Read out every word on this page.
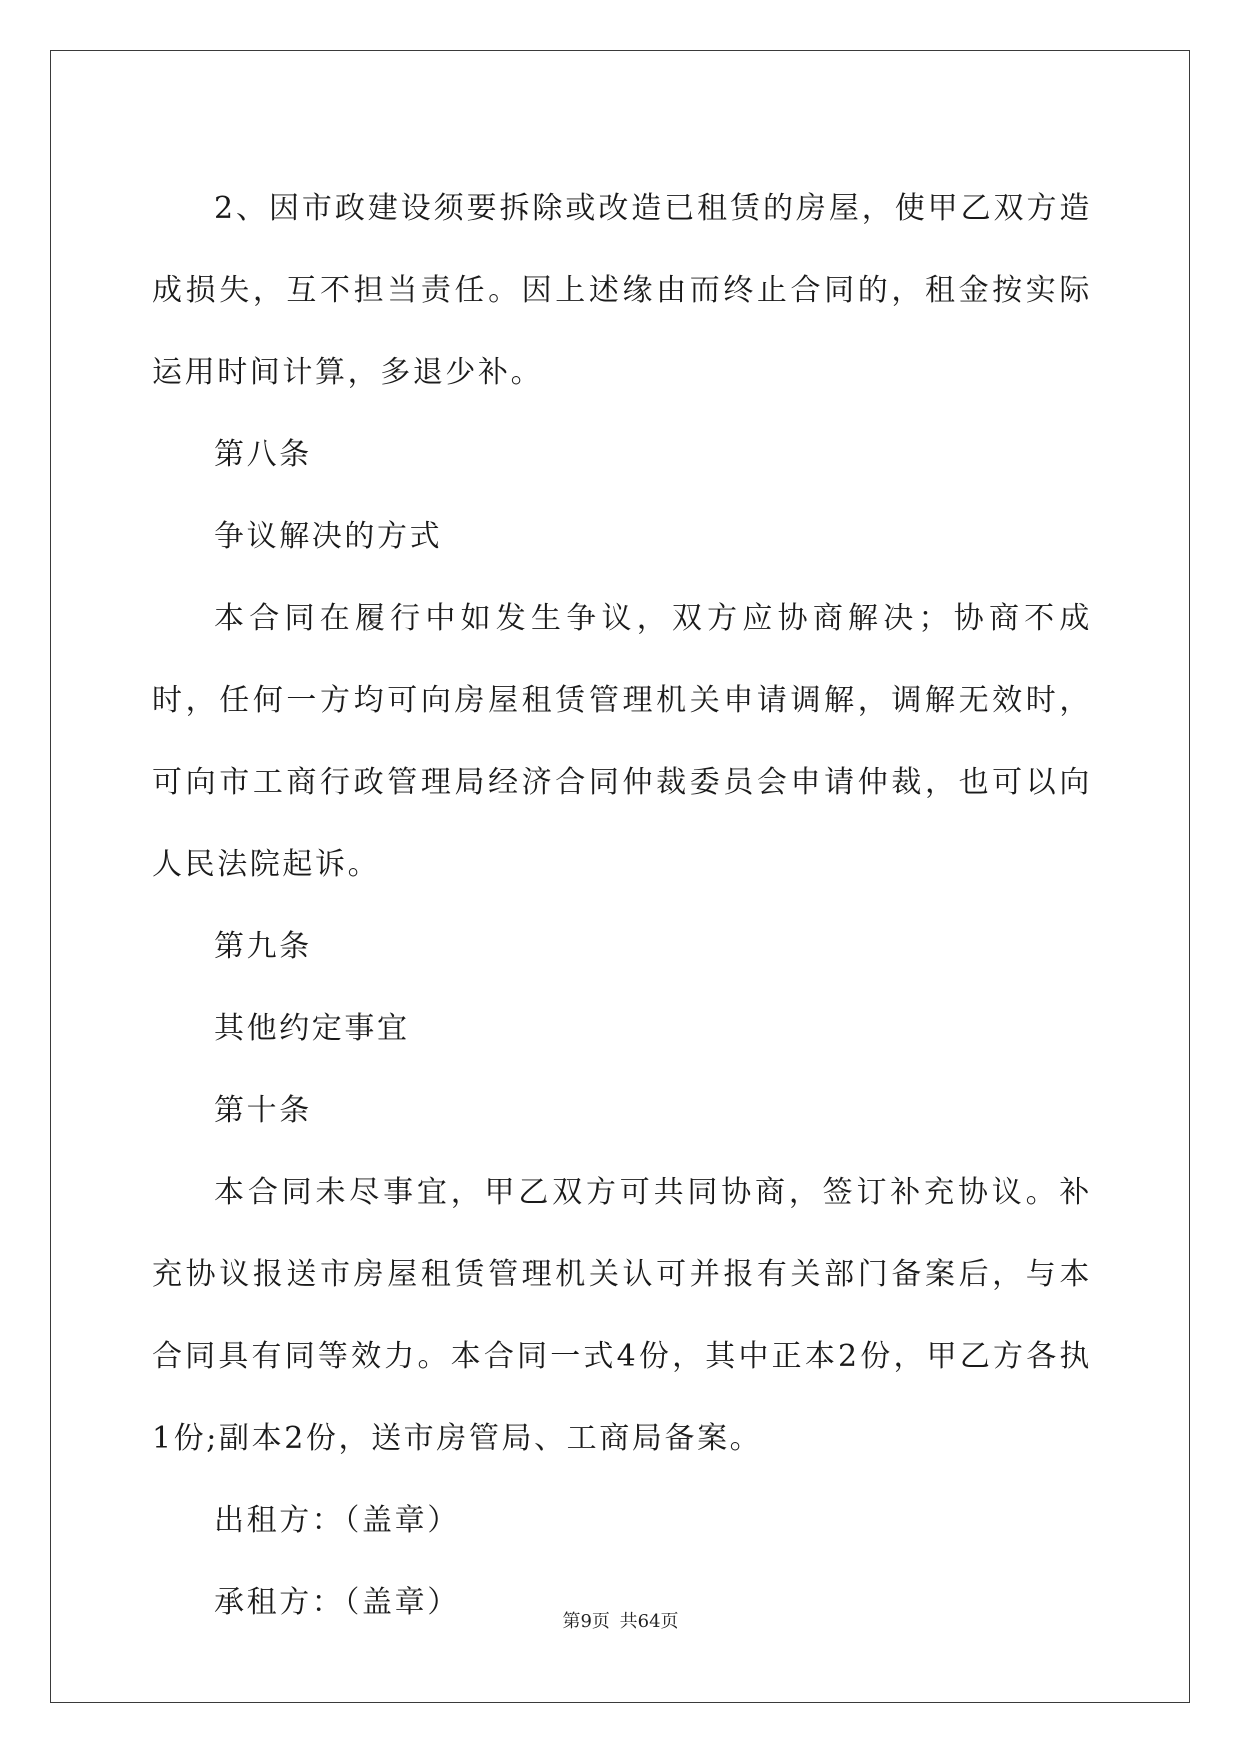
2、因市政建设须要拆除或改造已租赁的房屋，使甲乙双方造成损失，互不担当责任。因上述缘由而终止合同的，租金按实际运用时间计算，多退少补。

第八条

争议解决的方式

本合同在履行中如发生争议，双方应协商解决；协商不成时，任何一方均可向房屋租赁管理机关申请调解，调解无效时，可向市工商行政管理局经济合同仲裁委员会申请仲裁，也可以向人民法院起诉。

第九条

其他约定事宜

第十条

本合同未尽事宜，甲乙双方可共同协商，签订补充协议。补充协议报送市房屋租赁管理机关认可并报有关部门备案后，与本合同具有同等效力。本合同一式4份，其中正本2份，甲乙方各执1份;副本2份，送市房管局、工商局备案。

出租方：（盖章）

承租方：（盖章）

第9页 共64页
